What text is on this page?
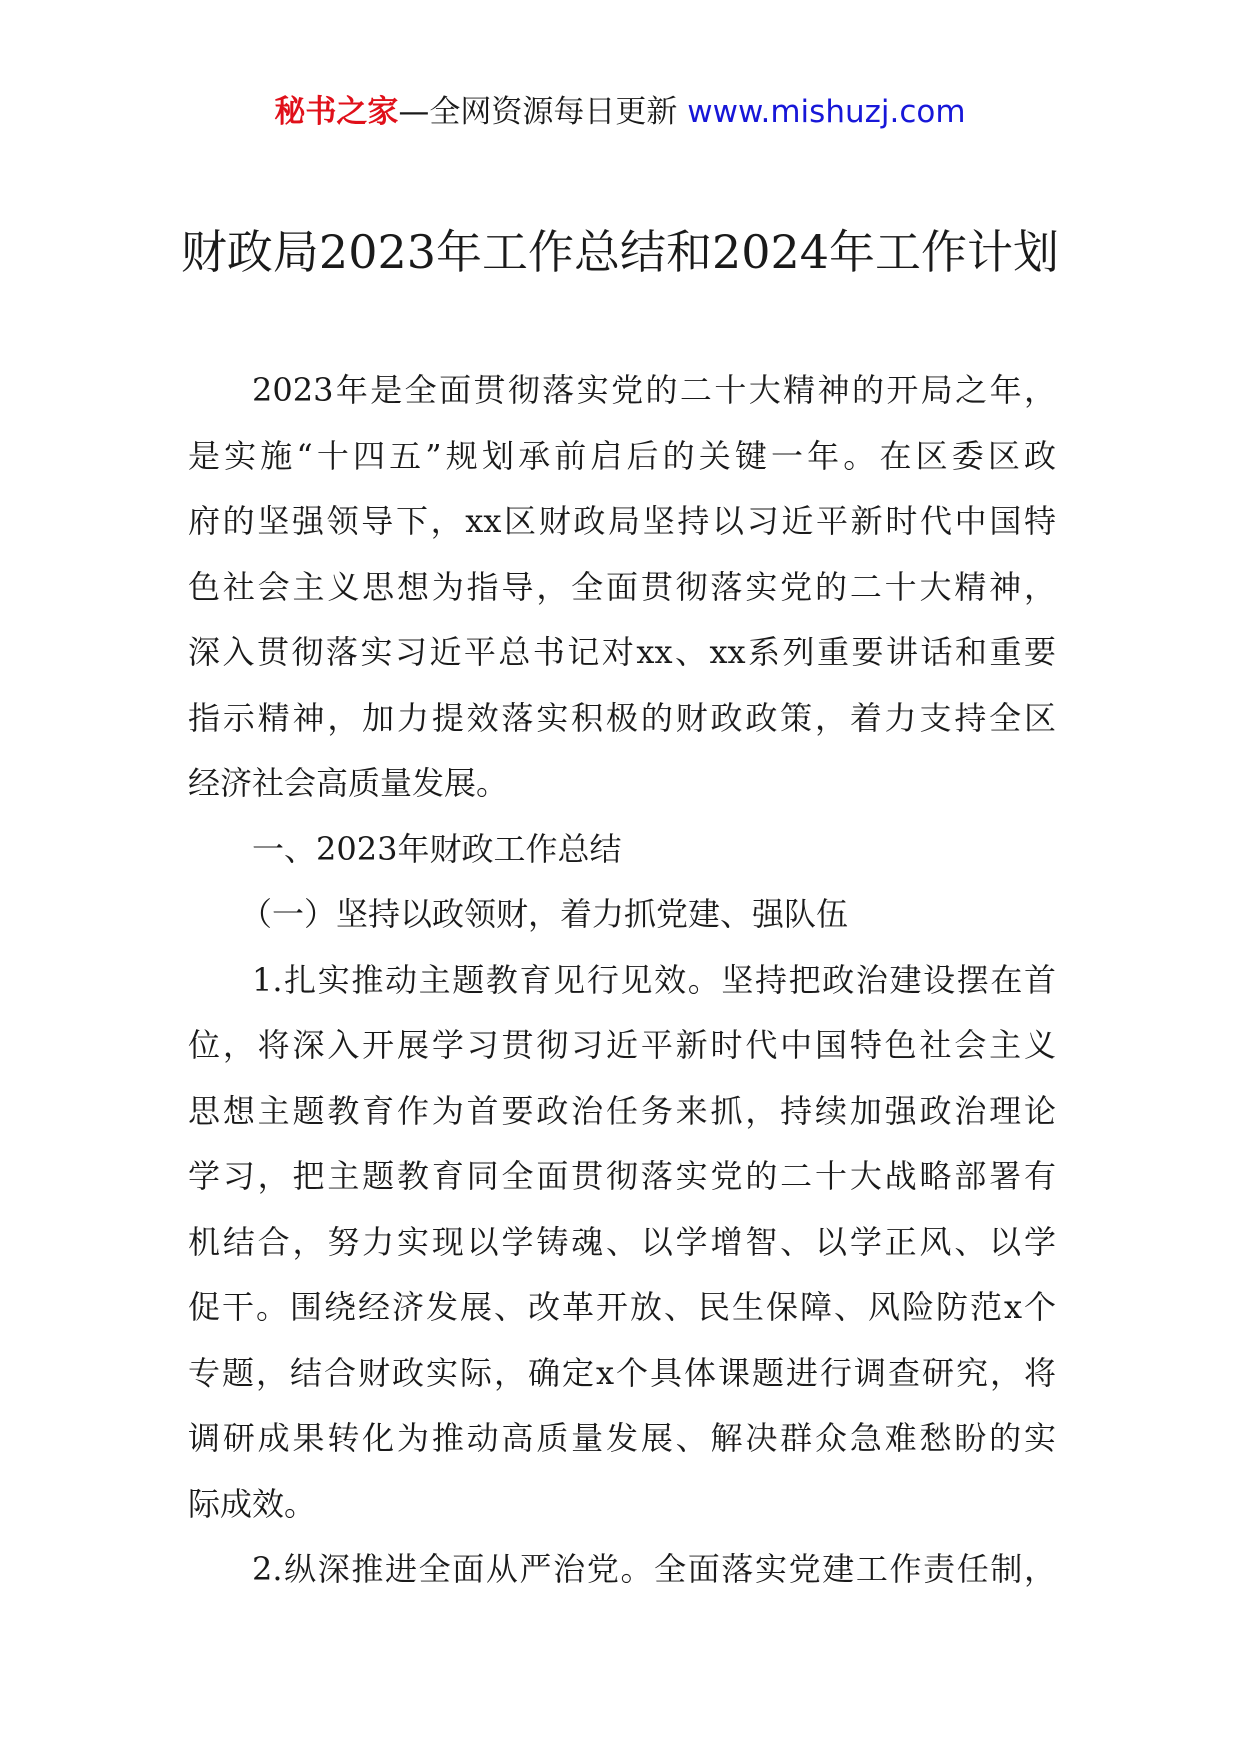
秘书之家—全网资源每日更新 www.mishuzj.com
财政局2023年工作总结和2024年工作计划
2023年是全面贯彻落实党的二十大精神的开局之年，
是实施“十四五”规划承前启后的关键一年。在区委区政
府的坚强领导下，xx区财政局坚持以习近平新时代中国特
色社会主义思想为指导，全面贯彻落实党的二十大精神，
深入贯彻落实习近平总书记对xx、xx系列重要讲话和重要
指示精神，加力提效落实积极的财政政策，着力支持全区
经济社会高质量发展。
一、2023年财政工作总结
（一）坚持以政领财，着力抓党建、强队伍
1.扎实推动主题教育见行见效。坚持把政治建设摆在首
位，将深入开展学习贯彻习近平新时代中国特色社会主义
思想主题教育作为首要政治任务来抓，持续加强政治理论
学习，把主题教育同全面贯彻落实党的二十大战略部署有
机结合，努力实现以学铸魂、以学增智、以学正风、以学
促干。围绕经济发展、改革开放、民生保障、风险防范x个
专题，结合财政实际，确定x个具体课题进行调查研究，将
调研成果转化为推动高质量发展、解决群众急难愁盼的实
际成效。
2.纵深推进全面从严治党。全面落实党建工作责任制，
